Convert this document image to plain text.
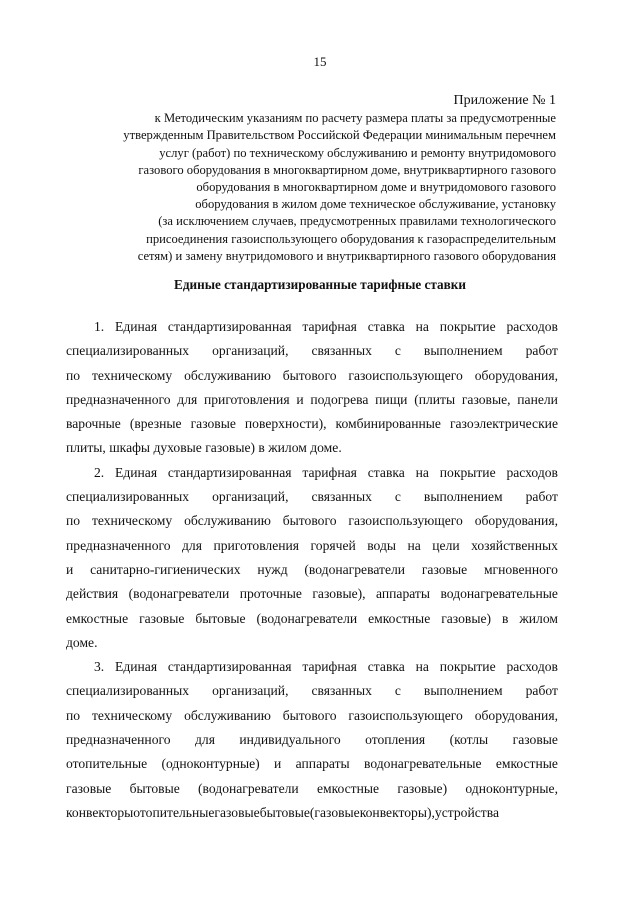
15
Приложение № 1
к Методическим указаниям по расчету размера платы за предусмотренные
утвержденным Правительством Российской Федерации минимальным перечнем
услуг (работ) по техническому обслуживанию и ремонту внутридомового
газового оборудования в многоквартирном доме, внутриквартирного газового
оборудования в многоквартирном доме и внутридомового газового
оборудования в жилом доме техническое обслуживание, установку
(за исключением случаев, предусмотренных правилами технологического
присоединения газоиспользующего оборудования к газораспределительным
сетям) и замену внутридомового и внутриквартирного газового оборудования
Единые стандартизированные тарифные ставки
1. Единая стандартизированная тарифная ставка на покрытие расходов
специализированных организаций, связанных с выполнением работ
по техническому обслуживанию бытового газоиспользующего оборудования,
предназначенного для приготовления и подогрева пищи (плиты газовые, панели
варочные (врезные газовые поверхности), комбинированные газоэлектрические
плиты, шкафы духовые газовые) в жилом доме.
2. Единая стандартизированная тарифная ставка на покрытие расходов
специализированных организаций, связанных с выполнением работ
по техническому обслуживанию бытового газоиспользующего оборудования,
предназначенного для приготовления горячей воды на цели хозяйственных
и санитарно-гигиенических нужд (водонагреватели газовые мгновенного
действия (водонагреватели проточные газовые), аппараты водонагревательные
емкостные газовые бытовые (водонагреватели емкостные газовые) в жилом
доме.
3. Единая стандартизированная тарифная ставка на покрытие расходов
специализированных организаций, связанных с выполнением работ
по техническому обслуживанию бытового газоиспользующего оборудования,
предназначенного для индивидуального отопления (котлы газовые
отопительные (одноконтурные) и аппараты водонагревательные емкостные
газовые бытовые (водонагреватели емкостные газовые) одноконтурные,
конвекторы отопительные газовые бытовые (газовые конвекторы), устройства
